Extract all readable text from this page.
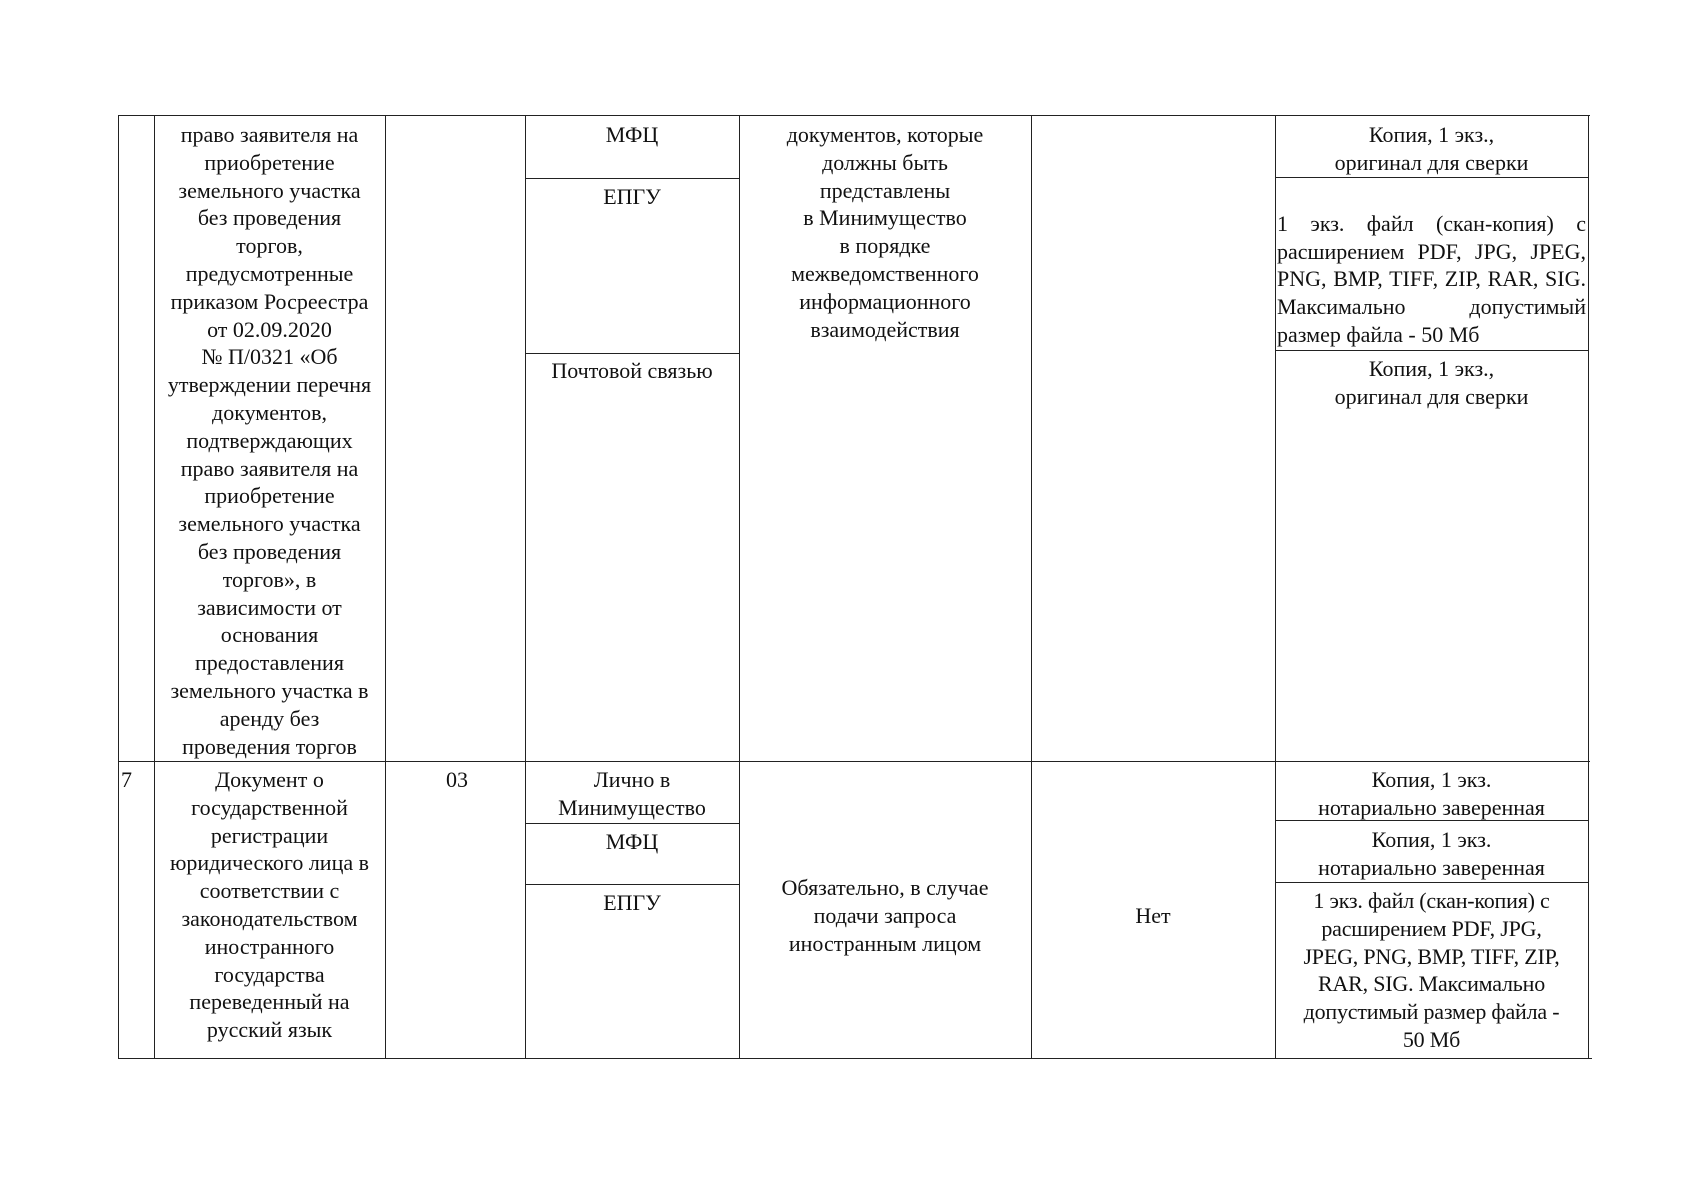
право заявителя на
приобретение
земельного участка
без проведения
торгов,
предусмотренные
приказом Росреестра
от 02.09.2020
№ П/0321 «Об
утверждении перечня
документов,
подтверждающих
право заявителя на
приобретение
земельного участка
без проведения
торгов», в
зависимости от
основания
предоставления
земельного участка в
аренду без
проведения торгов
МФЦ
ЕПГУ
Почтовой связью
документов, которые
должны быть
представлены
в Минимущество
в порядке
межведомственного
информационного
взаимодействия
Копия, 1 экз.,
оригинал для сверки

1 экз. файл (скан-копия) с расширением PDF, JPG, JPEG, PNG, BMP, TIFF, ZIP, RAR, SIG. Максимально допустимый размер файла - 50 Мб

Копия, 1 экз.,
оригинал для сверки
7	Документ о
государственной
регистрации
юридического лица в
соответствии с
законодательством
иностранного
государства
переведенный на
русский язык
03	Лично в
Минимущество
МФЦ
ЕПГУ
Обязательно, в случае
подачи запроса
иностранным лицом
Нет
Копия, 1 экз.
нотариально заверенная
Копия, 1 экз.
нотариально заверенная
1 экз. файл (скан-копия) с
расширением PDF, JPG,
JPEG, PNG, BMP, TIFF, ZIP,
RAR, SIG. Максимально
допустимый размер файла -
50 Мб
